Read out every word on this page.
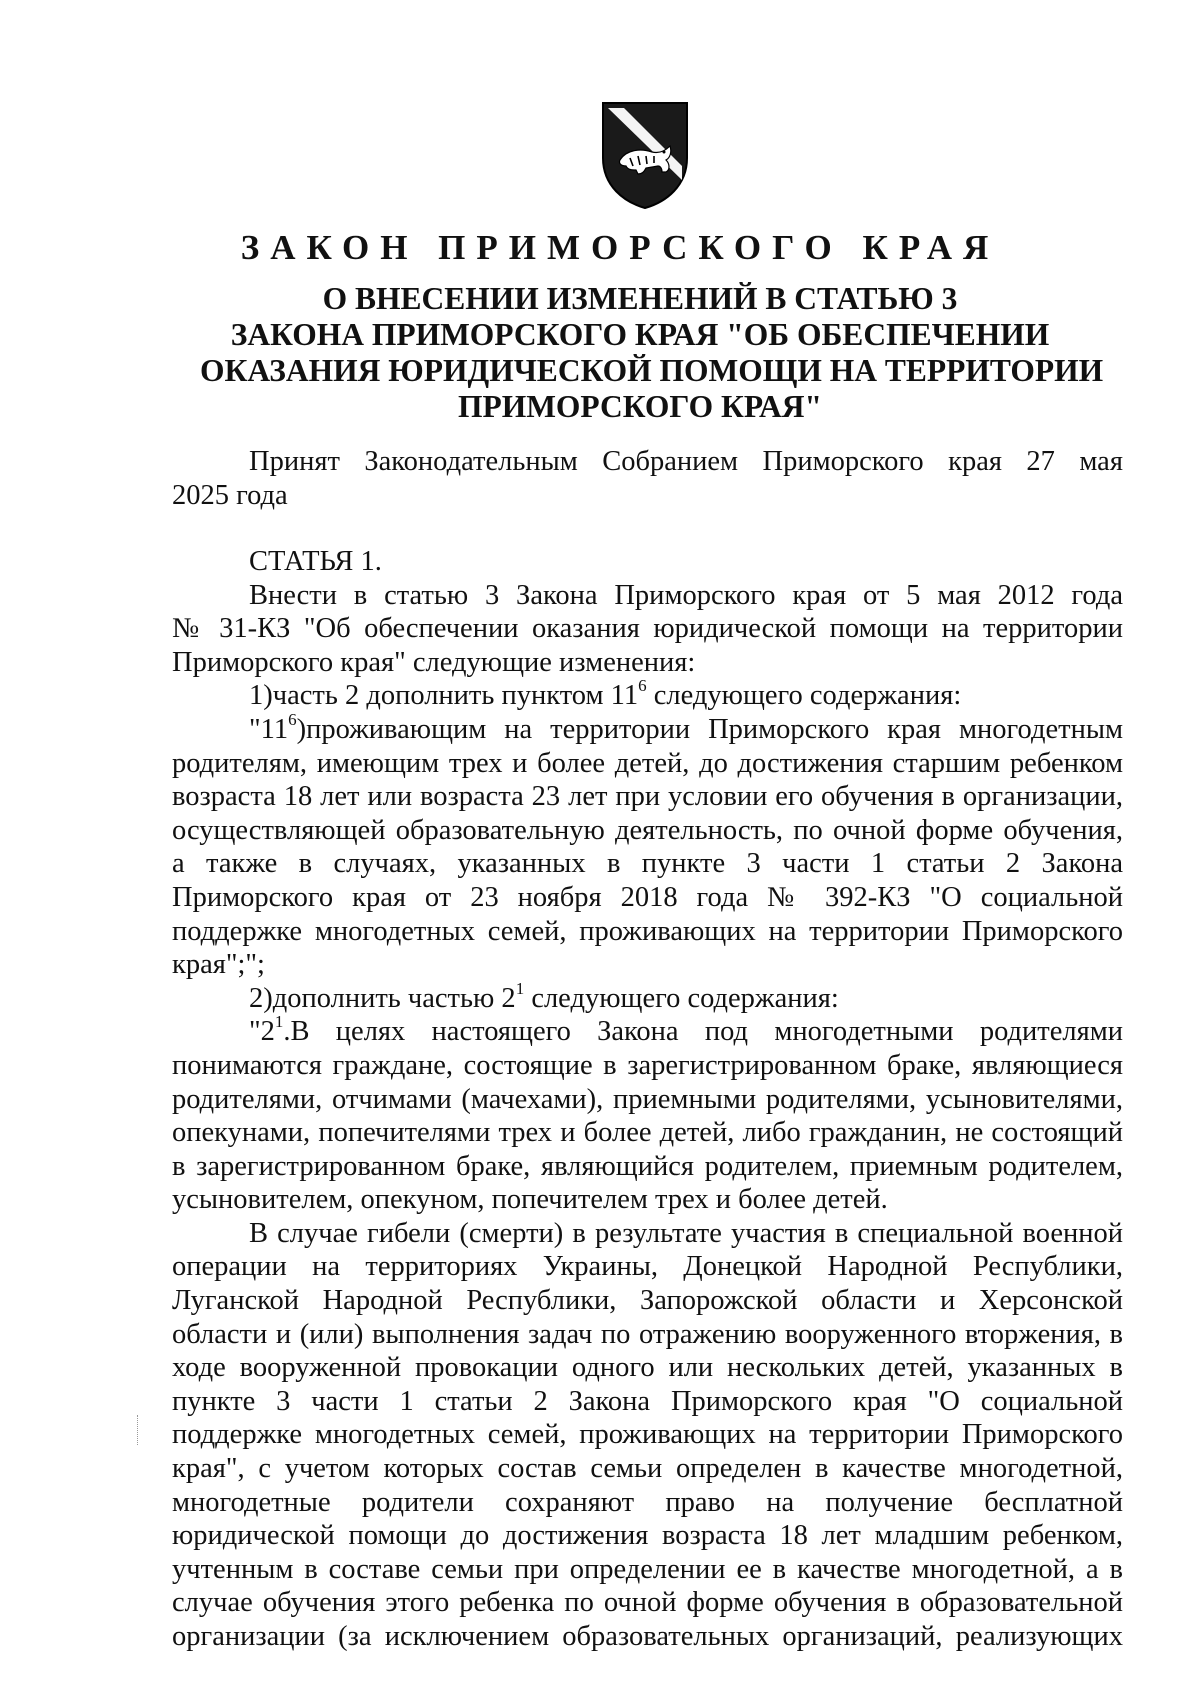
ЗАКОН ПРИМОРСКОГО КРАЯ
О ВНЕСЕНИИ ИЗМЕНЕНИЙ В СТАТЬЮ 3
ЗАКОНА ПРИМОРСКОГО КРАЯ "ОБ ОБЕСПЕЧЕНИИ
ОКАЗАНИЯ ЮРИДИЧЕСКОЙ ПОМОЩИ НА ТЕРРИТОРИИ
ПРИМОРСКОГО КРАЯ"
Принят Законодательным Собранием Приморского края 27 мая
2025 года
СТАТЬЯ 1.
Внести в статью 3 Закона Приморского края от 5 мая 2012 года
№ 31-КЗ "Об обеспечении оказания юридической помощи на территории
Приморского края" следующие изменения:
1)часть 2 дополнить пунктом $11^6$ следующего содержания:
"$11^6)проживающим$ на территории Приморского края многодетным
родителям, имеющим трех и более детей, до достижения старшим ребенком
возраста 18 лет или возраста 23 лет при условии его обучения в организации,
осуществляющей образовательную деятельность, по очной форме обучения,
а также в случаях, указанных в пункте 3 части 1 статьи 2 Закона
Приморского края от 23 ноября 2018 года № 392-КЗ "О социальной
поддержке многодетных семей, проживающих на территории Приморского
края";";
2)дополнить частью $2^1$ следующего содержания:
"$2^1.В$ целях настоящего Закона под многодетными родителями
понимаются граждане, состоящие в зарегистрированном браке, являющиеся
родителями, отчимами (мачехами), приемными родителями, усыновителями,
опекунами, попечителями трех и более детей, либо гражданин, не состоящий
в зарегистрированном браке, являющийся родителем, приемным родителем,
усыновителем, опекуном, попечителем трех и более детей.
В случае гибели (смерти) в результате участия в специальной военной
операции на территориях Украины, Донецкой Народной Республики,
Луганской Народной Республики, Запорожской области и Херсонской
области и (или) выполнения задач по отражению вооруженного вторжения, в
ходе вооруженной провокации одного или нескольких детей, указанных в
пункте 3 части 1 статьи 2 Закона Приморского края "О социальной
поддержке многодетных семей, проживающих на территории Приморского
края", с учетом которых состав семьи определен в качестве многодетной,
многодетные родители сохраняют право на получение бесплатной
юридической помощи до достижения возраста 18 лет младшим ребенком,
учтенным в составе семьи при определении ее в качестве многодетной, а в
случае обучения этого ребенка по очной форме обучения в образовательной
организации (за исключением образовательных организаций, реализующих
